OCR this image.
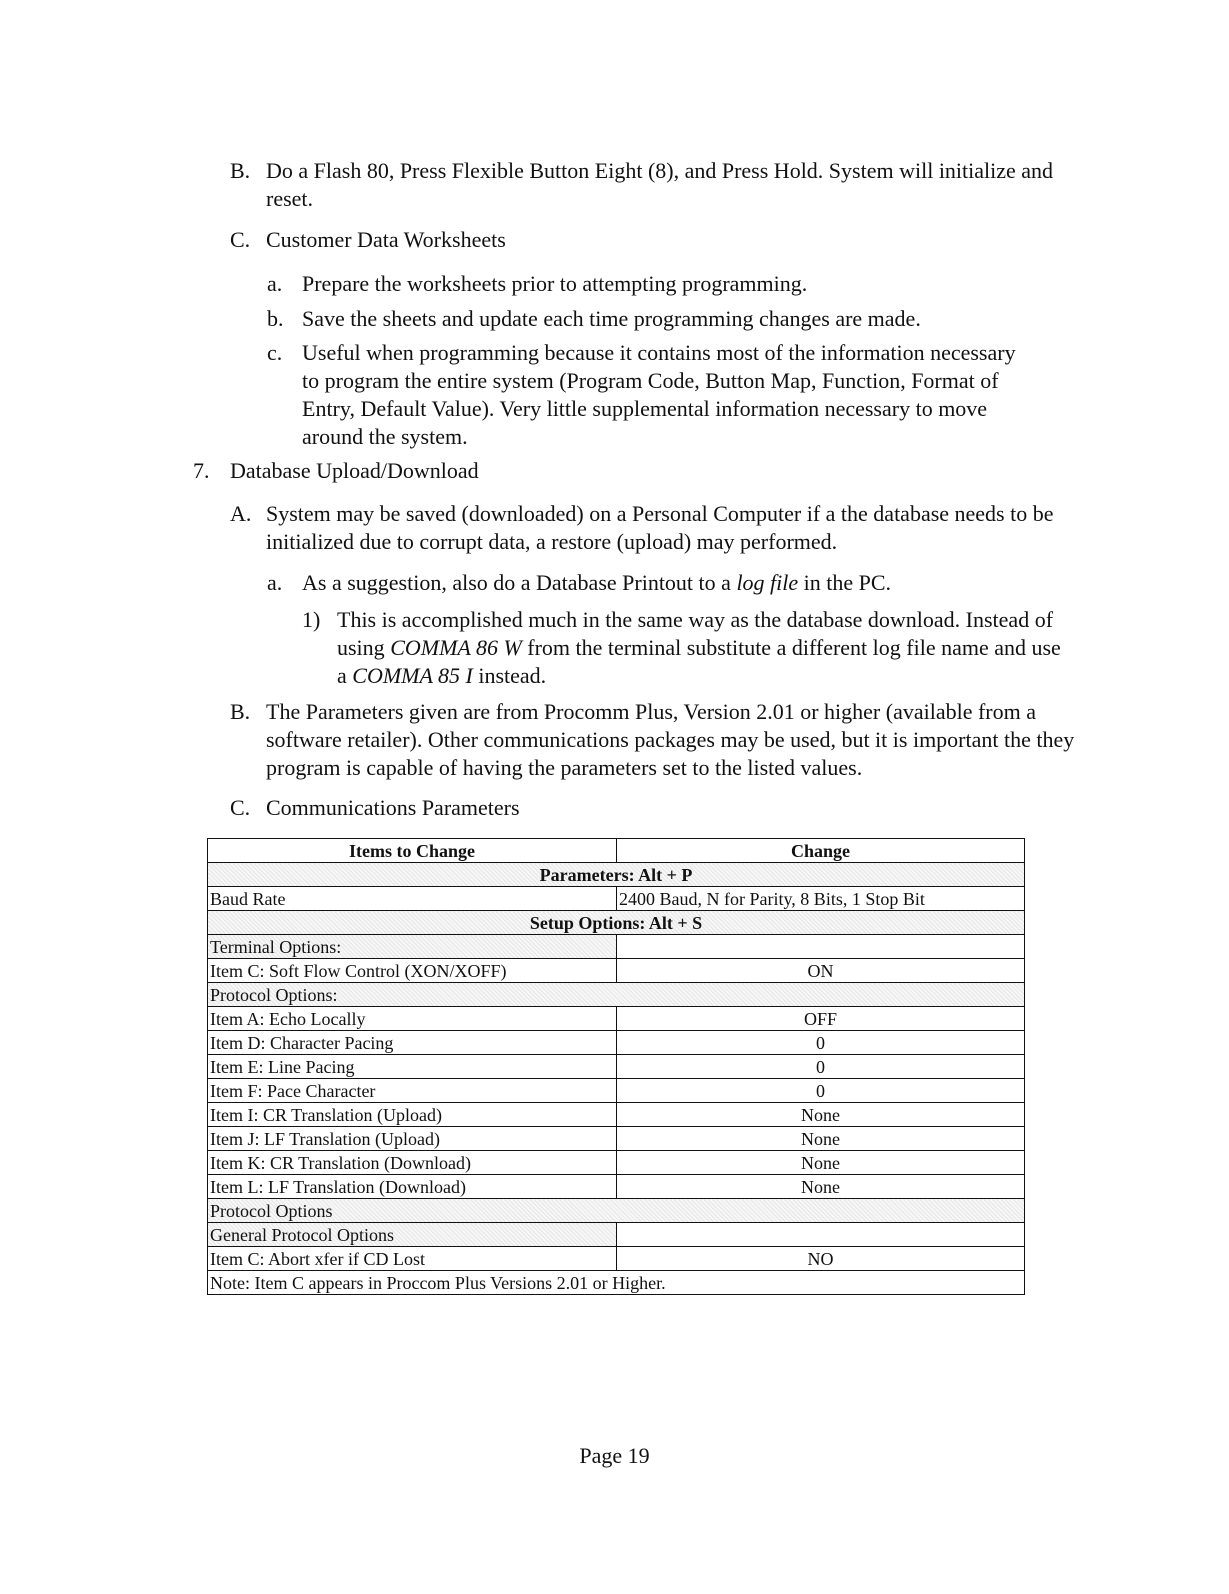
B. Do a Flash 80, Press Flexible Button Eight (8), and Press Hold. System will initialize and reset.
C. Customer Data Worksheets
a. Prepare the worksheets prior to attempting programming.
b. Save the sheets and update each time programming changes are made.
c. Useful when programming because it contains most of the information necessary to program the entire system (Program Code, Button Map, Function, Format of Entry, Default Value). Very little supplemental information necessary to move around the system.
7. Database Upload/Download
A. System may be saved (downloaded) on a Personal Computer if a the database needs to be initialized due to corrupt data, a restore (upload) may performed.
a. As a suggestion, also do a Database Printout to a log file in the PC.
1) This is accomplished much in the same way as the database download. Instead of using COMMA 86 W from the terminal substitute a different log file name and use a COMMA 85 I instead.
B. The Parameters given are from Procomm Plus, Version 2.01 or higher (available from a software retailer). Other communications packages may be used, but it is important the they program is capable of having the parameters set to the listed values.
C. Communications Parameters
Items to Change	Change
Parameters: Alt + P	
Baud Rate	2400 Baud, N for Parity, 8 Bits, 1 Stop Bit
Setup Options: Alt + S	
Terminal Options:	
Item C: Soft Flow Control (XON/XOFF)	ON
Protocol Options:	
Item A: Echo Locally	OFF
Item D: Character Pacing	0
Item E: Line Pacing	0
Item F: Pace Character	0
Item I: CR Translation (Upload)	None
Item J: LF Translation (Upload)	None
Item K: CR Translation (Download)	None
Item L: LF Translation (Download)	None
Protocol Options	
General Protocol Options	
Item C: Abort xfer if CD Lost	NO
Note: Item C appears in Proccom Plus Versions 2.01 or Higher.	
Page 19
